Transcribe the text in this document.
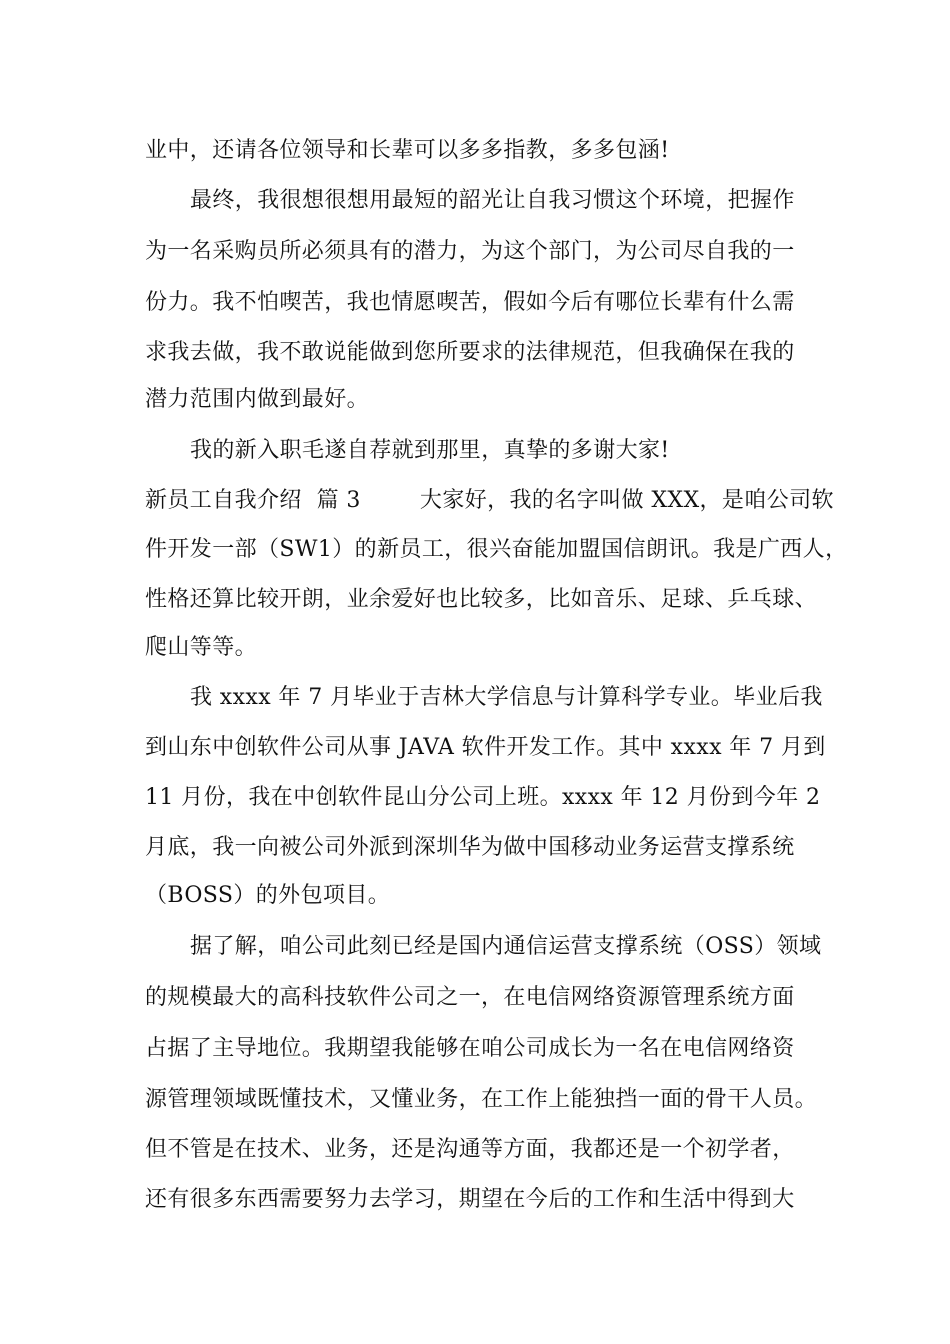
业中，还请各位领导和长辈可以多多指教，多多包涵!
最终，我很想很想用最短的韶光让自我习惯这个环境，把握作
为一名采购员所必须具有的潜力，为这个部门，为公司尽自我的一
份力。我不怕喫苦，我也情愿喫苦，假如今后有哪位长辈有什么需
求我去做，我不敢说能做到您所要求的法律规范，但我确保在我的
潜力范围内做到最好。
我的新入职毛遂自荐就到那里，真挚的多谢大家!
新员工自我介绍  篇 3        大家好，我的名字叫做 XXX，是咱公司软
件开发一部（SW1）的新员工，很兴奋能加盟国信朗讯。我是广西人，
性格还算比较开朗，业余爱好也比较多，比如音乐、足球、乒乓球、
爬山等等。
我 xxxx 年 7 月毕业于吉林大学信息与计算科学专业。毕业后我
到山东中创软件公司从事 JAVA 软件开发工作。其中 xxxx 年 7 月到
11 月份，我在中创软件昆山分公司上班。xxxx 年 12 月份到今年 2
月底，我一向被公司外派到深圳华为做中国移动业务运营支撑系统
（BOSS）的外包项目。
据了解，咱公司此刻已经是国内通信运营支撑系统（OSS）领域
的规模最大的高科技软件公司之一，在电信网络资源管理系统方面
占据了主导地位。我期望我能够在咱公司成长为一名在电信网络资
源管理领域既懂技术，又懂业务，在工作上能独挡一面的骨干人员。
但不管是在技术、业务，还是沟通等方面，我都还是一个初学者，
还有很多东西需要努力去学习，期望在今后的工作和生活中得到大
